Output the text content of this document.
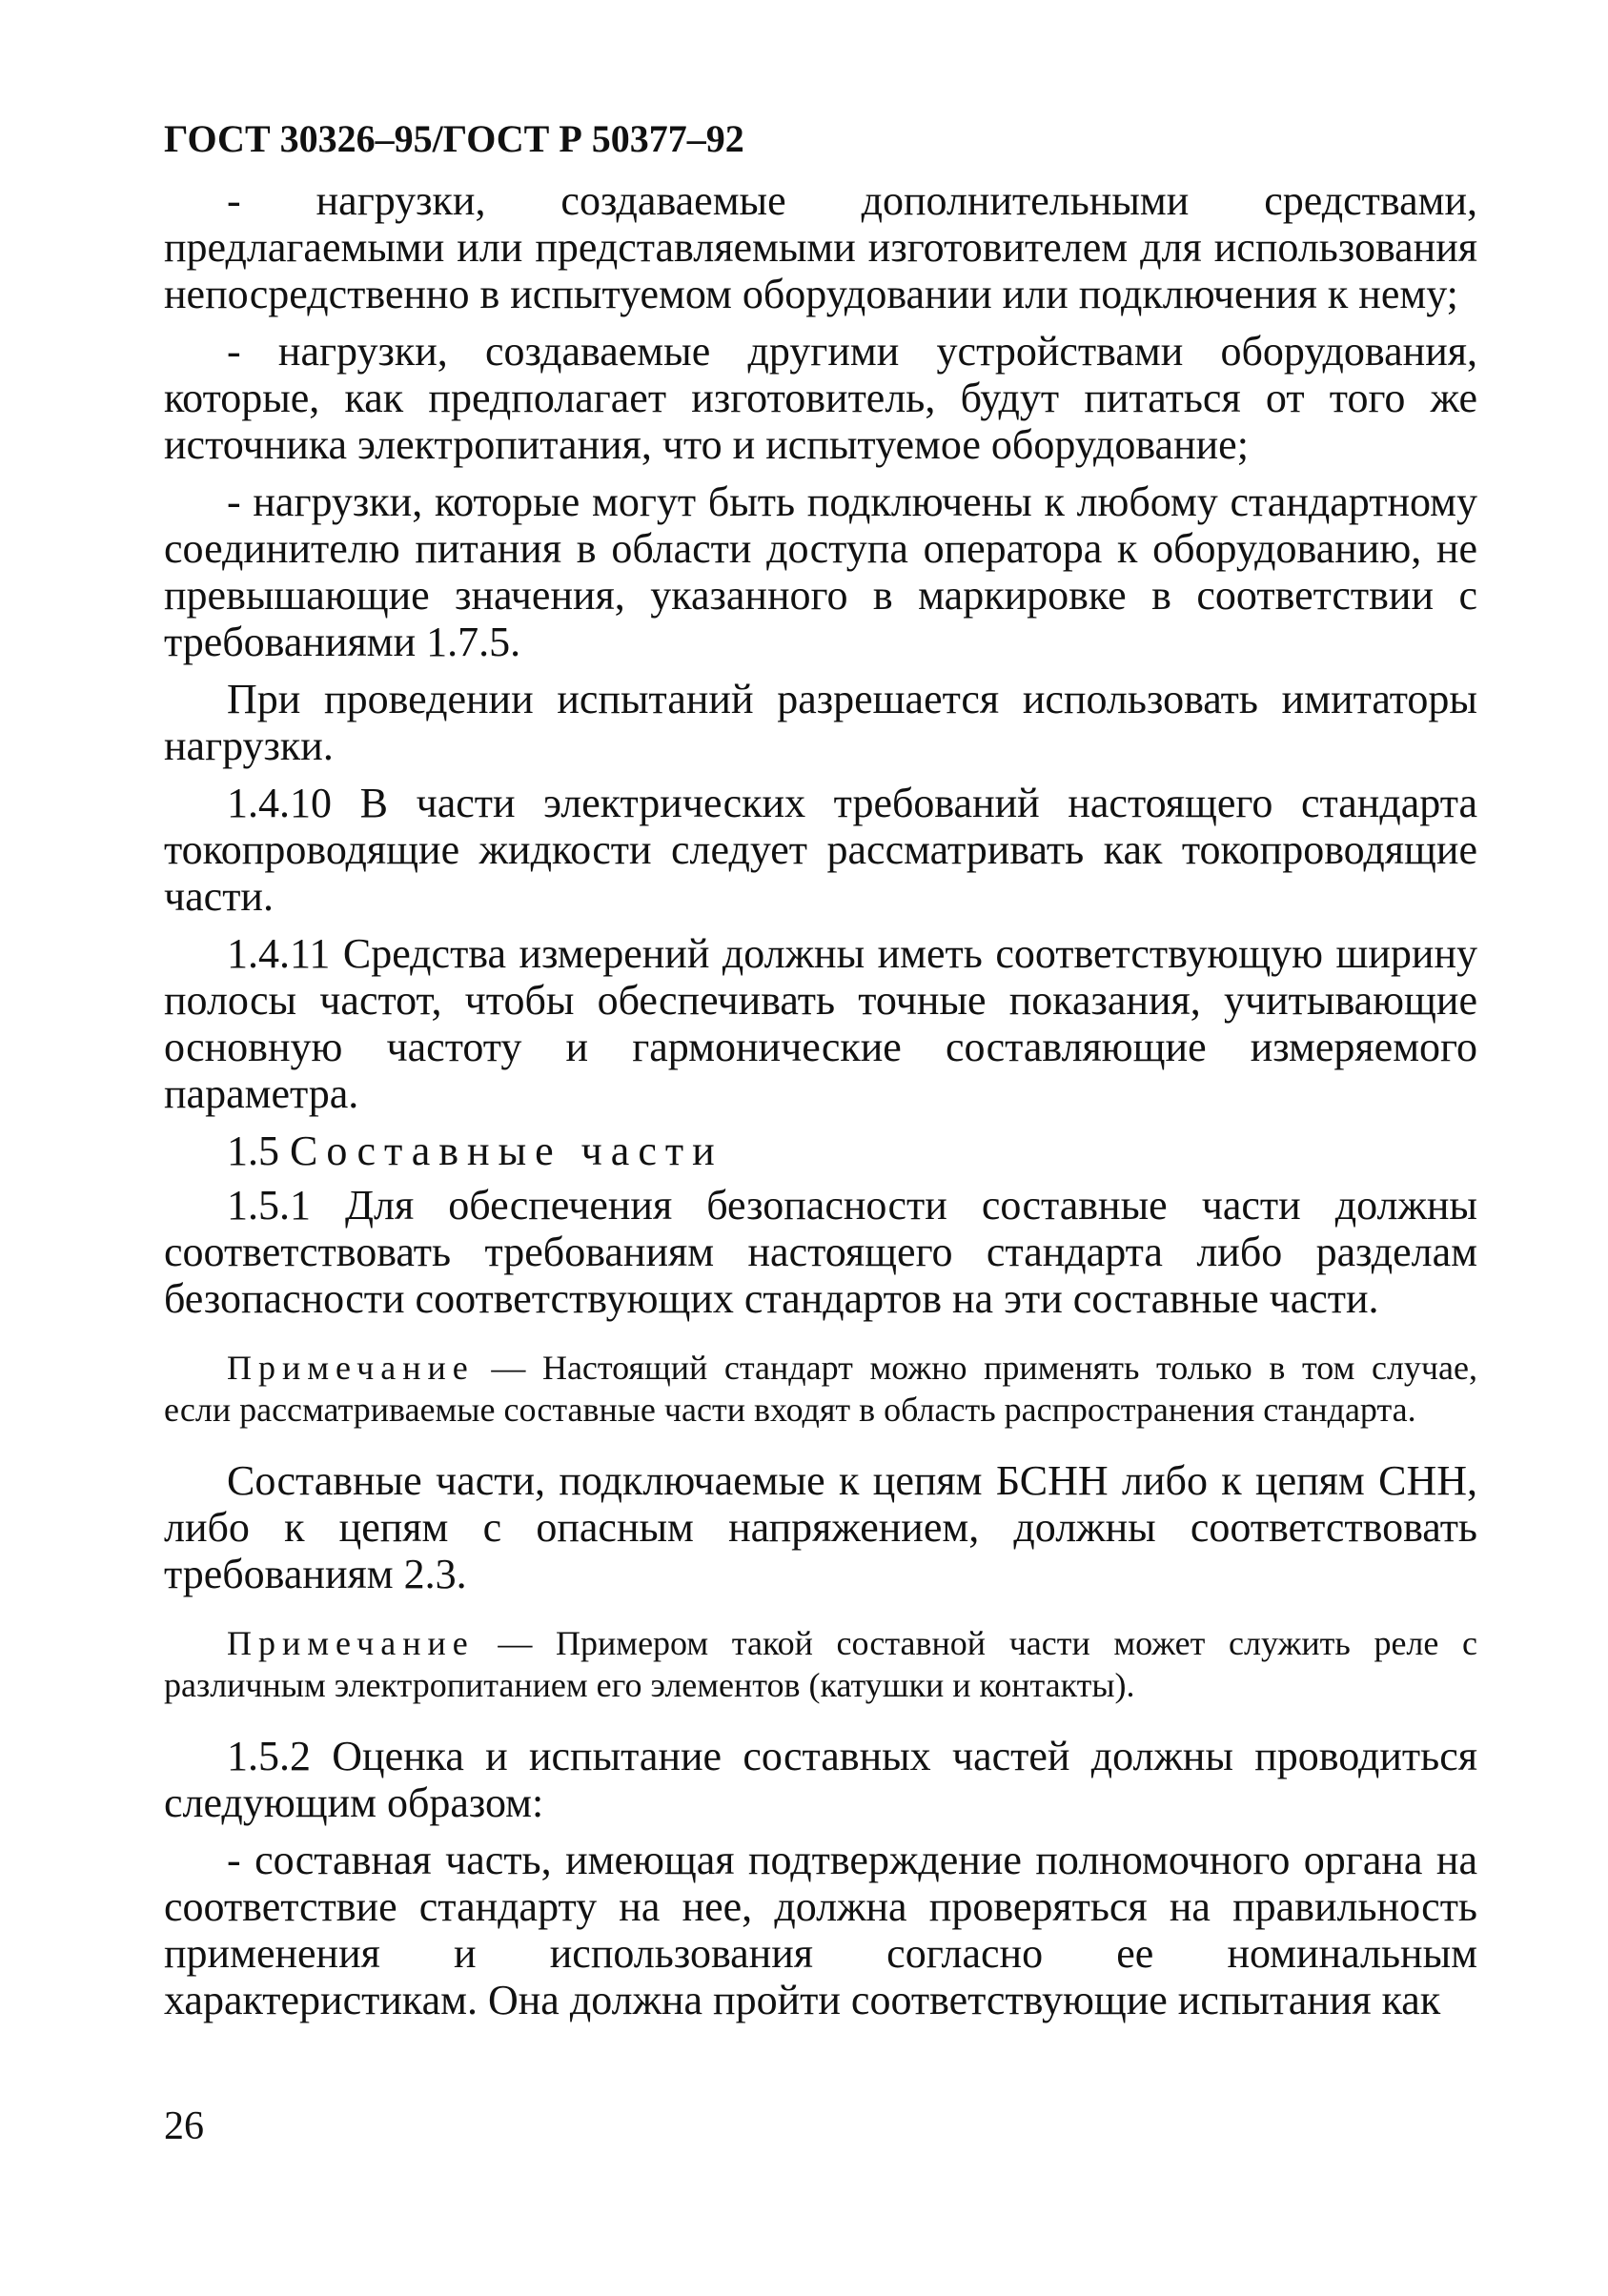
ГОСТ 30326–95/ГОСТ Р 50377–92

- нагрузки, создаваемые дополнительными средствами, предлагаемыми или представляемыми изготовителем для использования непосредственно в испытуемом оборудовании или подключения к нему;

- нагрузки, создаваемые другими устройствами оборудования, которые, как предполагает изготовитель, будут питаться от того же источника электропитания, что и испытуемое оборудование;

- нагрузки, которые могут быть подключены к любому стандартному соединителю питания в области доступа оператора к оборудованию, не превышающие значения, указанного в маркировке в соответствии с требованиями 1.7.5.

При проведении испытаний разрешается использовать имитаторы нагрузки.

1.4.10 В части электрических требований настоящего стандарта токопроводящие жидкости следует рассматривать как токопроводящие части.

1.4.11 Средства измерений должны иметь соответствующую ширину полосы частот, чтобы обеспечивать точные показания, учитывающие основную частоту и гармонические составляющие измеряемого параметра.

1.5 Составные части

1.5.1 Для обеспечения безопасности составные части должны соответствовать требованиям настоящего стандарта либо разделам безопасности соответствующих стандартов на эти составные части.

Примечание — Настоящий стандарт можно применять только в том случае, если рассматриваемые составные части входят в область распространения стандарта.

Составные части, подключаемые к цепям БСНН либо к цепям СНН, либо к цепям с опасным напряжением, должны соответствовать требованиям 2.3.

Примечание — Примером такой составной части может служить реле с различным электропитанием его элементов (катушки и контакты).

1.5.2 Оценка и испытание составных частей должны проводиться следующим образом:

- составная часть, имеющая подтверждение полномочного органа на соответствие стандарту на нее, должна проверяться на правильность применения и использования согласно ее номинальным характеристикам. Она должна пройти соответствующие испытания как

26
